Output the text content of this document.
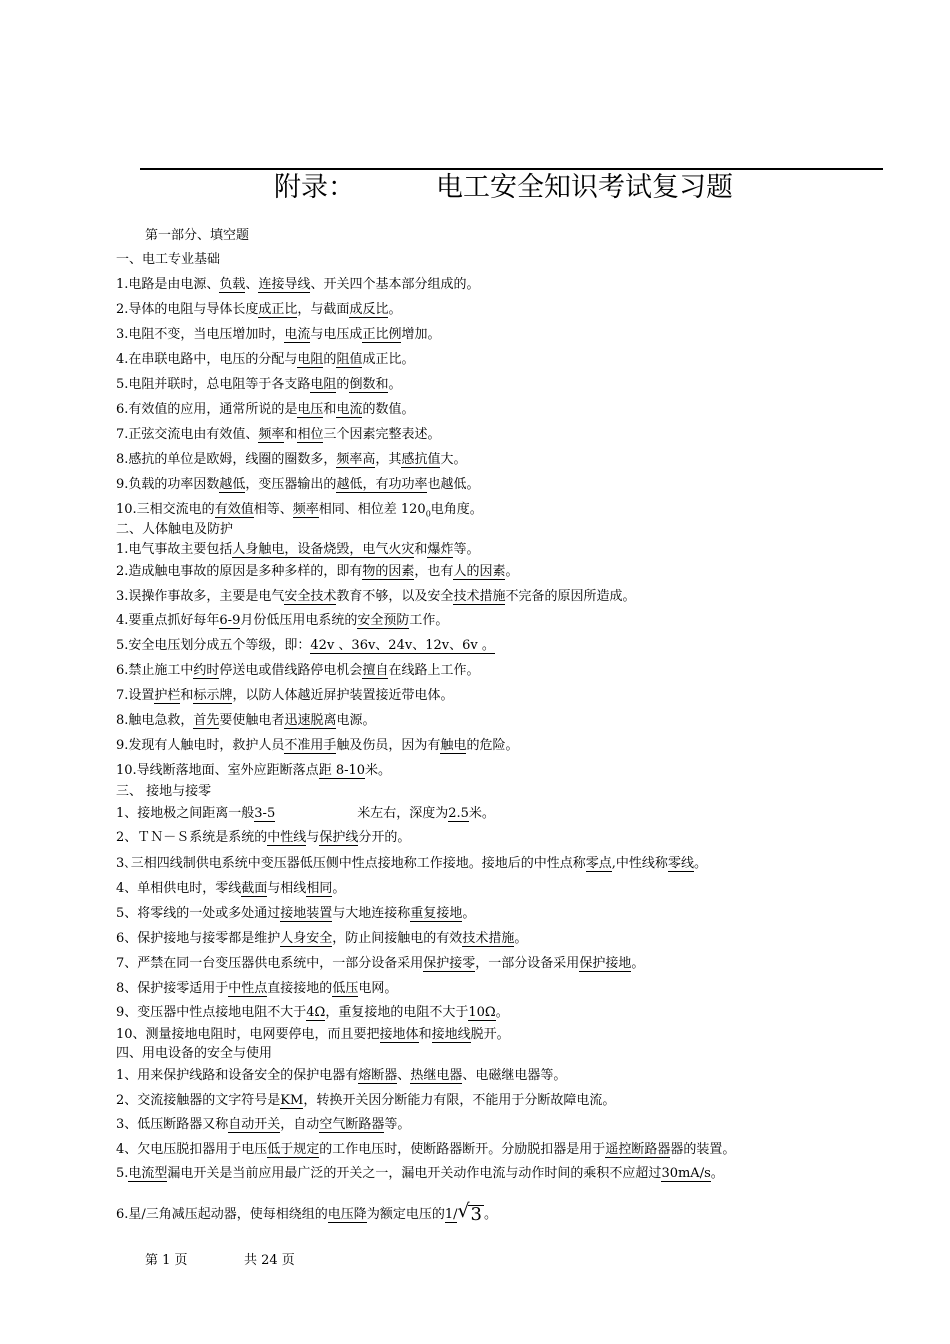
附录：	电工安全知识考试复习题
第一部分、填空题
一、电工专业基础
1.电路是由电源、负载、连接导线、开关四个基本部分组成的。
2.导体的电阻与导体长度成正比，与截面成反比。
3.电阻不变，当电压增加时，电流与电压成正比例增加。
4.在串联电路中，电压的分配与电阻的阻值成正比。
5.电阻并联时，总电阻等于各支路电阻的倒数和。
6.有效值的应用，通常所说的是电压和电流的数值。
7.正弦交流电由有效值、频率和相位三个因素完整表述。
8.感抗的单位是欧姆，线圈的圈数多，频率高，其感抗值大。
9.负载的功率因数越低，变压器输出的越低，有功功率也越低。
10.三相交流电的有效值相等、频率相同、相位差 $120_0$电角度。
二、人体触电及防护
1.电气事故主要包括人身触电，设备烧毁，电气火灾和爆炸等。
2.造成触电事故的原因是多种多样的，即有物的因素，也有人的因素。
3.误操作事故多，主要是电气安全技术教育不够，以及安全技术措施不完备的原因所造成。
4.要重点抓好每年6-9月份低压用电系统的安全预防工作。
5.安全电压划分成五个等级，即：42v 、36v、24v、12v、6v 。
6.禁止施工中约时停送电或借线路停电机会擅自在线路上工作。
7.设置护栏和标示牌，以防人体越近屏护装置接近带电体。
8.触电急救，首先要使触电者迅速脱离电源。
9.发现有人触电时，救护人员不准用手触及伤员，因为有触电的危险。
10.导线断落地面、室外应距断落点距 8-10米。
三、 接地与接零
1、接地极之间距离一般3-5	米左右，深度为2.5米。
2、ＴＮ－Ｓ系统是系统的中性线与保护线分开的。
3､三相四线制供电系统中变压器低压侧中性点接地称工作接地。接地后的中性点称零点,中性线称零线。
4、单相供电时，零线截面与相线相同。
5、将零线的一处或多处通过接地装置与大地连接称重复接地。
6、保护接地与接零都是维护人身安全，防止间接触电的有效技术措施。
7、严禁在同一台变压器供电系统中，一部分设备采用保护接零，一部分设备采用保护接地。
8、保护接零适用于中性点直接接地的低压电网。
9、变压器中性点接地电阻不大于4Ω，重复接地的电阻不大于10Ω。
10、测量接地电阻时，电网要停电，而且要把接地体和接地线脱开。
四、用电设备的安全与使用
1、用来保护线路和设备安全的保护电器有熔断器、热继电器、电磁继电器等。
2、交流接触器的文字符号是KM，转换开关因分断能力有限，不能用于分断故障电流。
3、低压断路器又称自动开关，自动空气断路器等。
4、欠电压脱扣器用于电压低于规定的工作电压时，使断路器断开。分励脱扣器是用于遥控断路器器的装置。
5.电流型漏电开关是当前应用最广泛的开关之一，漏电开关动作电流与动作时间的乘积不应超过30mA/s。
6.星/三角减压起动器，使每相绕组的电压降为额定电压的1/ √ 3 。
第 1 页	共 24 页
